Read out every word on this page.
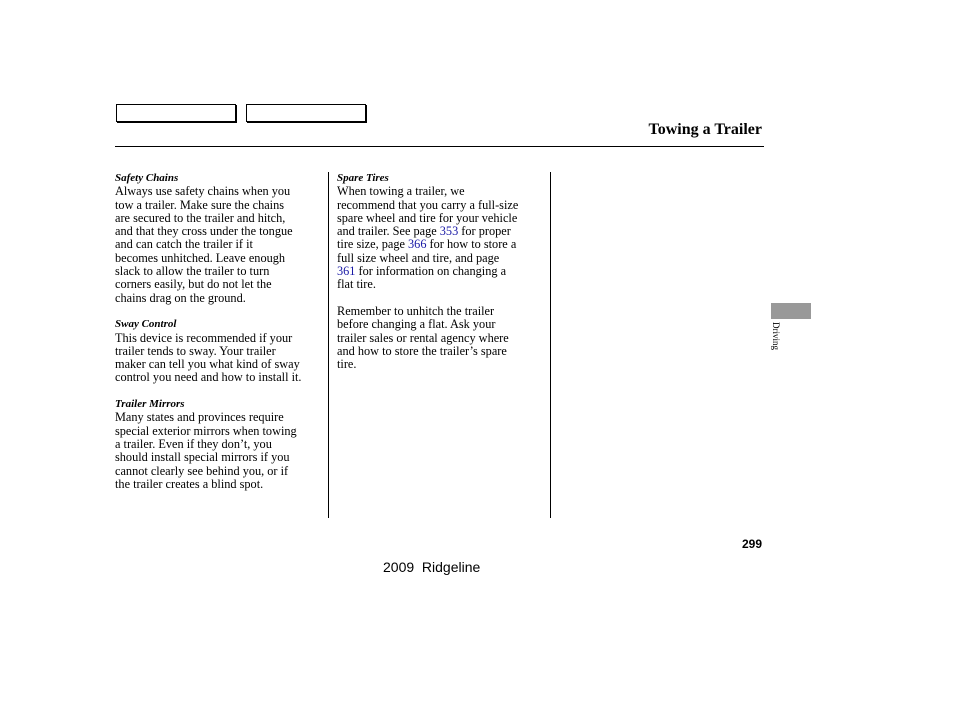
Towing a Trailer

Safety Chains

Always use safety chains when you
tow a trailer. Make sure the chains
are secured to the trailer and hitch,
and that they cross under the tongue
and can catch the trailer if it
becomes unhitched. Leave enough
slack to allow the trailer to turn
corners easily, but do not let the
chains drag on the ground.

Sway Control

This device is recommended if your
trailer tends to sway. Your trailer
maker can tell you what kind of sway
control you need and how to install it.

Trailer Mirrors

Many states and provinces require
special exterior mirrors when towing
a trailer. Even if they don’t, you
should install special mirrors if you
cannot clearly see behind you, or if
the trailer creates a blind spot.

Spare Tires

When towing a trailer, we
recommend that you carry a full-size
spare wheel and tire for your vehicle
and trailer. See page 353 for proper
tire size, page 366 for how to store a
full size wheel and tire, and page
361 for information on changing a
flat tire.

Remember to unhitch the trailer
before changing a flat. Ask your
trailer sales or rental agency where
and how to store the trailer’s spare
tire.

Driving
299
2009  Ridgeline
